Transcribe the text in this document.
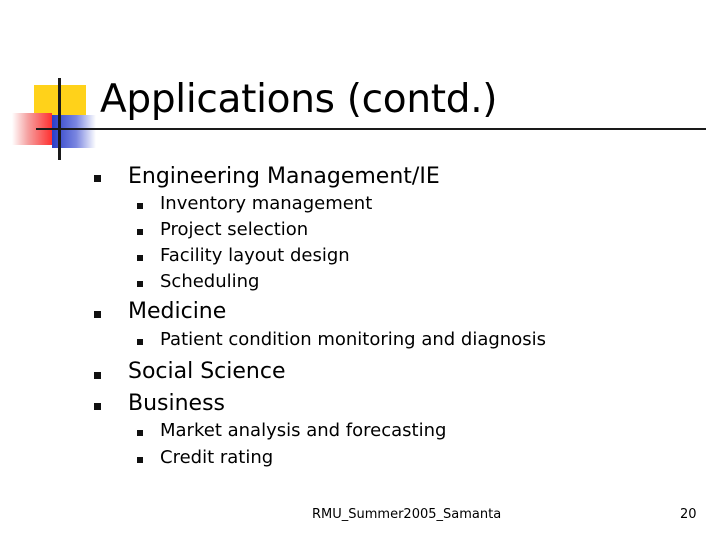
Applications (contd.)
Engineering Management/IE
Inventory management
Project selection
Facility layout design
Scheduling
Medicine
Patient condition monitoring and diagnosis
Social Science
Business
Market analysis and forecasting
Credit rating
RMU_Summer2005_Samanta	20
